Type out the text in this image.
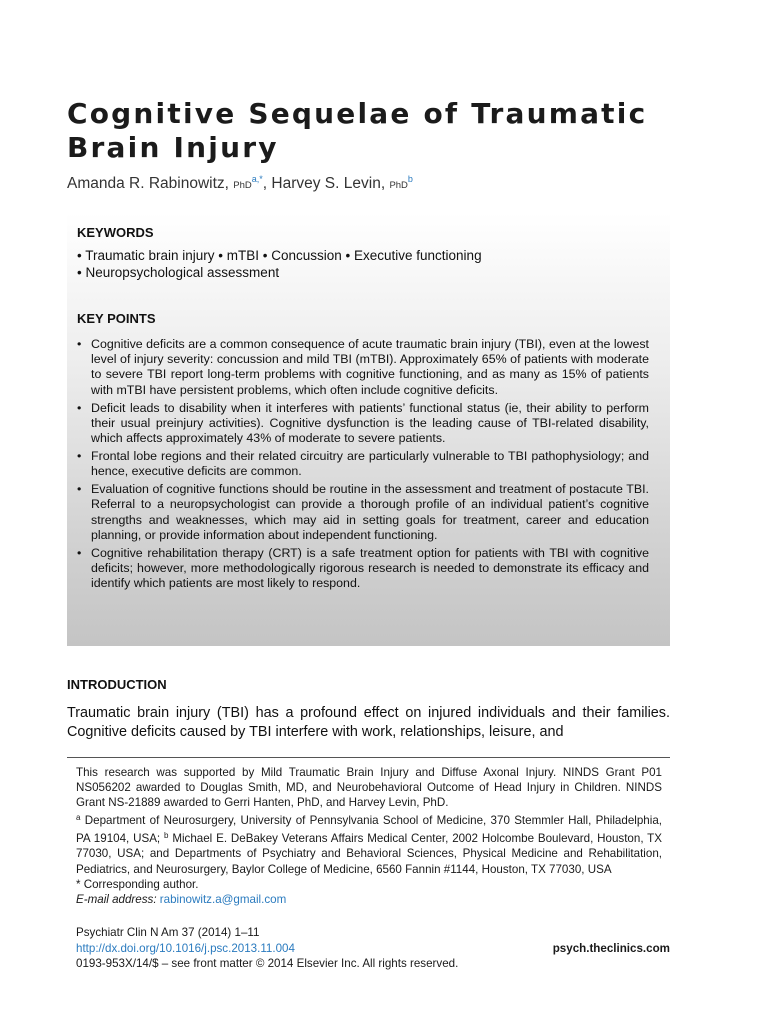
Cognitive Sequelae of Traumatic Brain Injury
Amanda R. Rabinowitz, PhD$^{a,*}$, Harvey S. Levin, PhD$^b$
KEYWORDS
• Traumatic brain injury • mTBI • Concussion • Executive functioning
• Neuropsychological assessment
KEY POINTS
• Cognitive deficits are a common consequence of acute traumatic brain injury (TBI), even at the lowest level of injury severity: concussion and mild TBI (mTBI). Approximately 65% of patients with moderate to severe TBI report long-term problems with cognitive functioning, and as many as 15% of patients with mTBI have persistent problems, which often include cognitive deficits.
• Deficit leads to disability when it interferes with patients’ functional status (ie, their ability to perform their usual preinjury activities). Cognitive dysfunction is the leading cause of TBI-related disability, which affects approximately 43% of moderate to severe patients.
• Frontal lobe regions and their related circuitry are particularly vulnerable to TBI pathophysiology; and hence, executive deficits are common.
• Evaluation of cognitive functions should be routine in the assessment and treatment of postacute TBI. Referral to a neuropsychologist can provide a thorough profile of an individual patient’s cognitive strengths and weaknesses, which may aid in setting goals for treatment, career and education planning, or provide information about independent functioning.
• Cognitive rehabilitation therapy (CRT) is a safe treatment option for patients with TBI with cognitive deficits; however, more methodologically rigorous research is needed to demonstrate its efficacy and identify which patients are most likely to respond.
INTRODUCTION

Traumatic brain injury (TBI) has a profound effect on injured individuals and their families. Cognitive deficits caused by TBI interfere with work, relationships, leisure, and

This research was supported by Mild Traumatic Brain Injury and Diffuse Axonal Injury. NINDS Grant P01 NS056202 awarded to Douglas Smith, MD, and Neurobehavioral Outcome of Head Injury in Children. NINDS Grant NS-21889 awarded to Gerri Hanten, PhD, and Harvey Levin, PhD.

$^a$ Department of Neurosurgery, University of Pennsylvania School of Medicine, 370 Stemmler Hall, Philadelphia, PA 19104, USA; $^b$ Michael E. DeBakey Veterans Affairs Medical Center, 2002 Holcombe Boulevard, Houston, TX 77030, USA; and Departments of Psychiatry and Behavioral Sciences, Physical Medicine and Rehabilitation, Pediatrics, and Neurosurgery, Baylor College of Medicine, 6560 Fannin #1144, Houston, TX 77030, USA

* Corresponding author.

E-mail address: rabinowitz.a@gmail.com

Psychiatr Clin N Am 37 (2014) 1–11
http://dx.doi.org/10.1016/j.psc.2013.11.004	psych.theclinics.com
0193-953X/14/$ – see front matter © 2014 Elsevier Inc. All rights reserved.
